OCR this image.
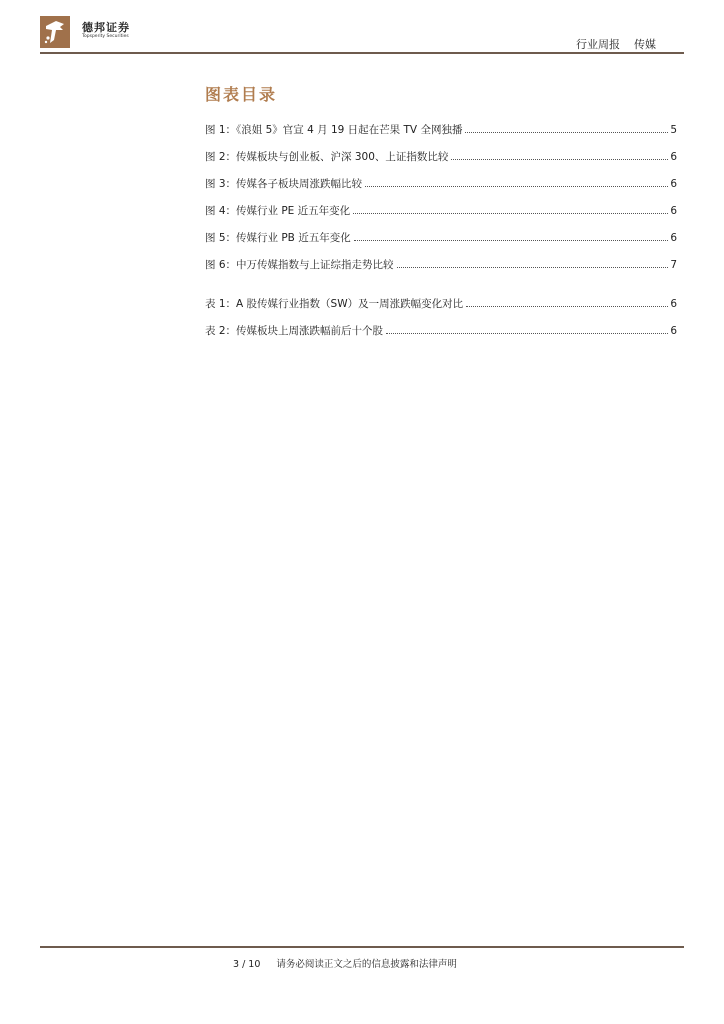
德邦证券
Topsperity Securities
行业周报 传媒
图表目录
图 1：《浪姐 5》官宣 4 月 19 日起在芒果 TV 全网独播	5
图 2：传媒板块与创业板、沪深 300、上证指数比较	6
图 3：传媒各子板块周涨跌幅比较	6
图 4：传媒行业 PE 近五年变化	6
图 5：传媒行业 PB 近五年变化	6
图 6：中万传媒指数与上证综指走势比较	7
表 1：A 股传媒行业指数（SW）及一周涨跌幅变化对比	6
表 2：传媒板块上周涨跌幅前后十个股	6
3 / 10 请务必阅读正文之后的信息披露和法律声明
